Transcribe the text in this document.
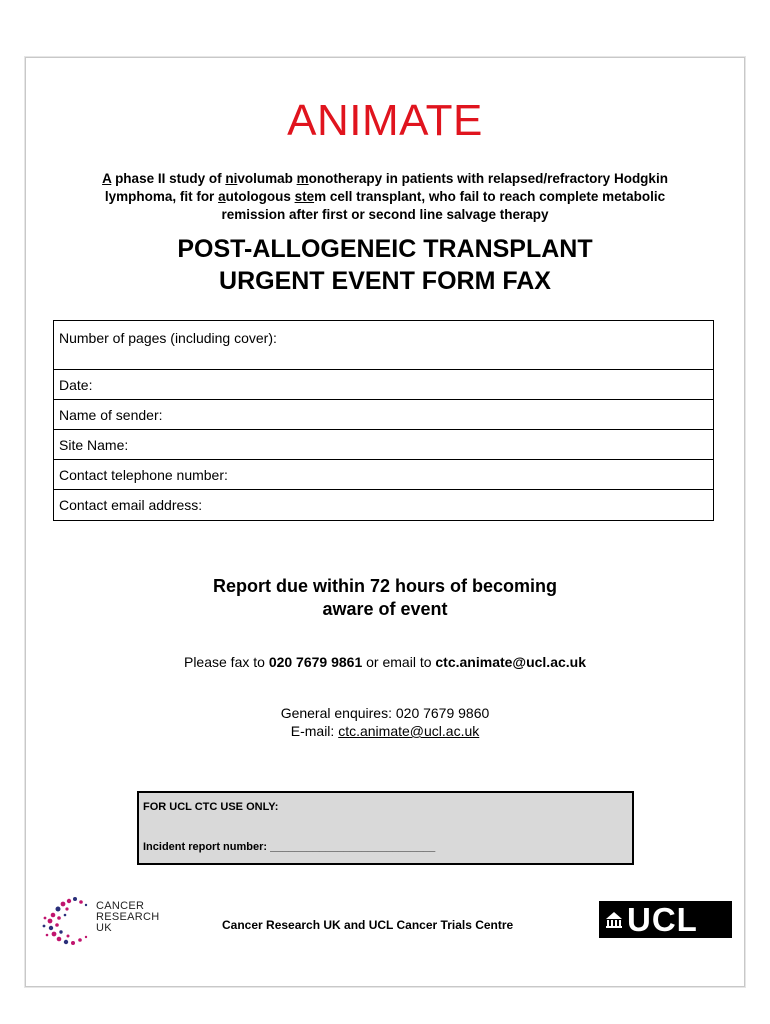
ANIMATE
A phase II study of nivolumab monotherapy in patients with relapsed/refractory Hodgkin
lymphoma, fit for autologous stem cell transplant, who fail to reach complete metabolic
remission after first or second line salvage therapy
POST-ALLOGENEIC TRANSPLANT
URGENT EVENT FORM FAX
Number of pages (including cover):
Date:
Name of sender:
Site Name:
Contact telephone number:
Contact email address:
Report due within 72 hours of becoming
aware of event
Please fax to 020 7679 9861 or email to ctc.animate@ucl.ac.uk
General enquires: 020 7679 9860
E-mail: ctc.animate@ucl.ac.uk
FOR UCL CTC USE ONLY:
Incident report number: ___________________________
CANCER
RESEARCH
UK	Cancer Research UK and UCL Cancer Trials Centre	UCL
